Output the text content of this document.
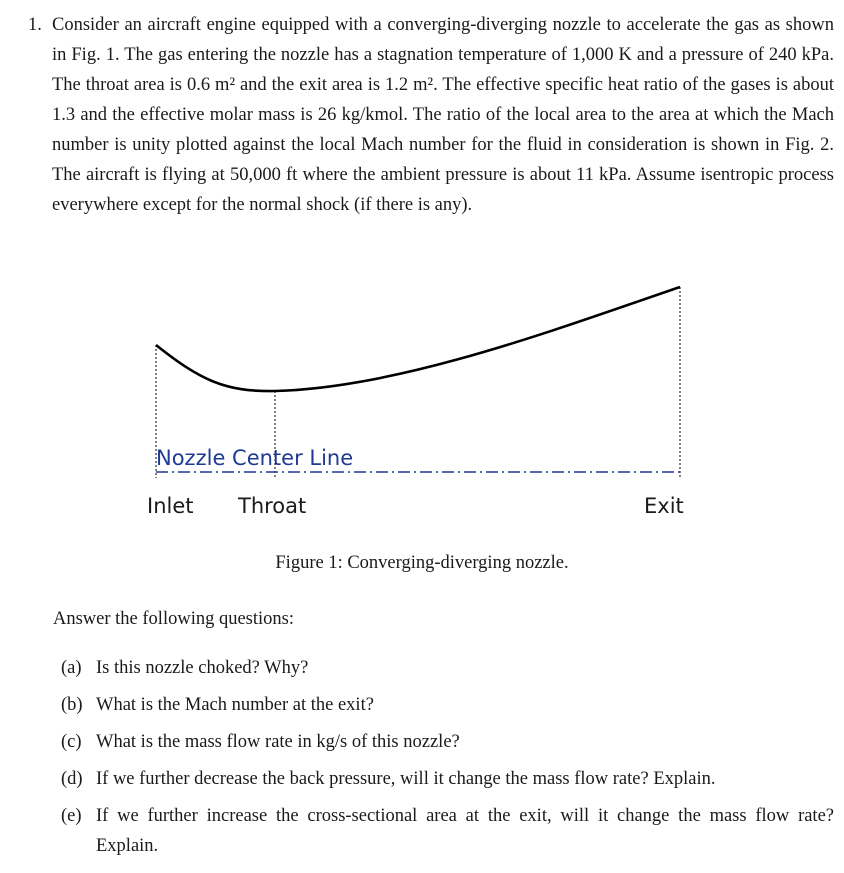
1. Consider an aircraft engine equipped with a converging-diverging nozzle to accelerate the gas as shown in Fig. 1. The gas entering the nozzle has a stagnation temperature of 1,000 K and a pressure of 240 kPa. The throat area is 0.6 m² and the exit area is 1.2 m². The effective specific heat ratio of the gases is about 1.3 and the effective molar mass is 26 kg/kmol. The ratio of the local area to the area at which the Mach number is unity plotted against the local Mach number for the fluid in consideration is shown in Fig. 2. The aircraft is flying at 50,000 ft where the ambient pressure is about 11 kPa. Assume isentropic process everywhere except for the normal shock (if there is any).
Nozzle Center Line
Inlet Throat	Exit
Figure 1: Converging-diverging nozzle.
Answer the following questions:
(a) Is this nozzle choked? Why?
(b) What is the Mach number at the exit?
(c) What is the mass flow rate in kg/s of this nozzle?
(d) If we further decrease the back pressure, will it change the mass flow rate? Explain.
(e) If we further increase the cross-sectional area at the exit, will it change the mass flow rate? Explain.
